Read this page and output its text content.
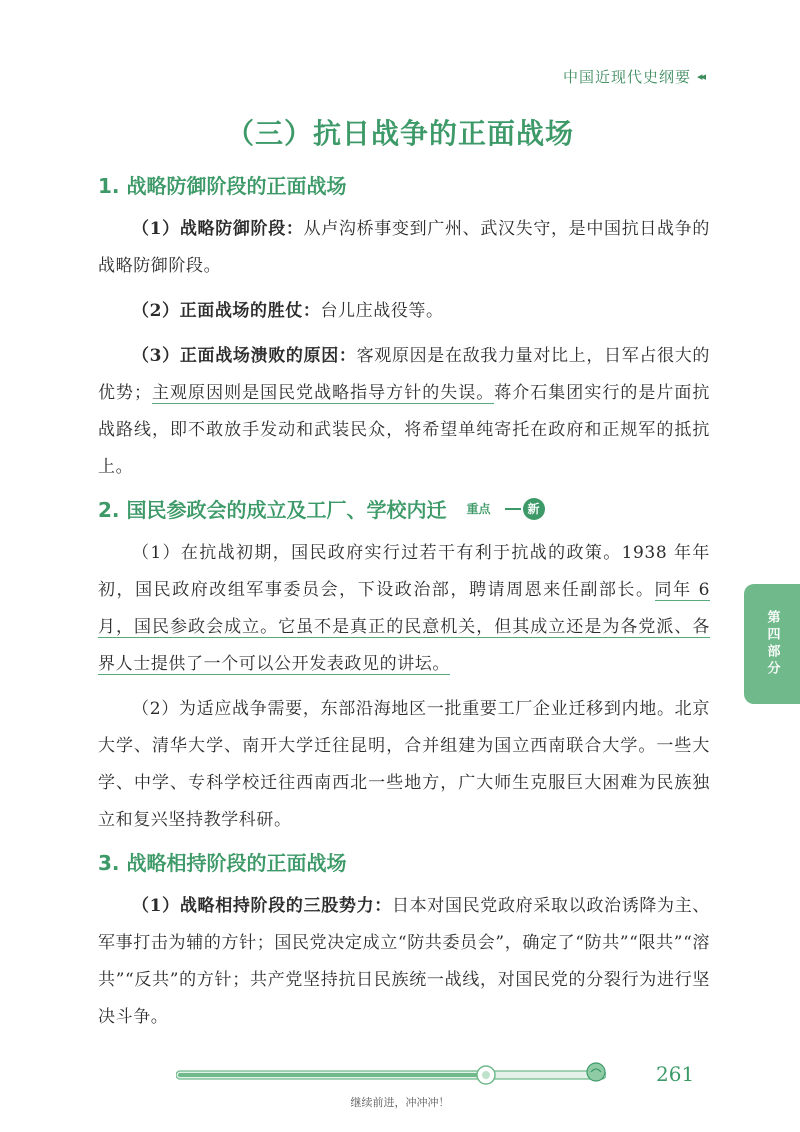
中国近现代史纲要 ◂◂
（三）抗日战争的正面战场
1. 战略防御阶段的正面战场

（1）战略防御阶段：从卢沟桥事变到广州、武汉失守，是中国抗日战争的战略防御阶段。

（2）正面战场的胜仗：台儿庄战役等。

（3）正面战场溃败的原因：客观原因是在敌我力量对比上，日军占很大的优势；主观原因则是国民党战略指导方针的失误。蒋介石集团实行的是片面抗战路线，即不敢放手发动和武装民众，将希望单纯寄托在政府和正规军的抵抗上。

2. 国民参政会的成立及工厂、学校内迁 重点	新

（1）在抗战初期，国民政府实行过若干有利于抗战的政策。1938 年年初，国民政府改组军事委员会，下设政治部，聘请周恩来任副部长。同年 6 月，国民参政会成立。它虽不是真正的民意机关，但其成立还是为各党派、各界人士提供了一个可以公开发表政见的讲坛。

（2）为适应战争需要，东部沿海地区一批重要工厂企业迁移到内地。北京大学、清华大学、南开大学迁往昆明，合并组建为国立西南联合大学。一些大学、中学、专科学校迁往西南西北一些地方，广大师生克服巨大困难为民族独立和复兴坚持教学科研。

3. 战略相持阶段的正面战场

（1）战略相持阶段的三股势力：日本对国民党政府采取以政治诱降为主、军事打击为辅的方针；国民党决定成立“防共委员会”，确定了“防共”“限共”“溶共”“反共”的方针；共产党坚持抗日民族统一战线，对国民党的分裂行为进行坚决斗争。

第四部分
261
继续前进，冲冲冲！
